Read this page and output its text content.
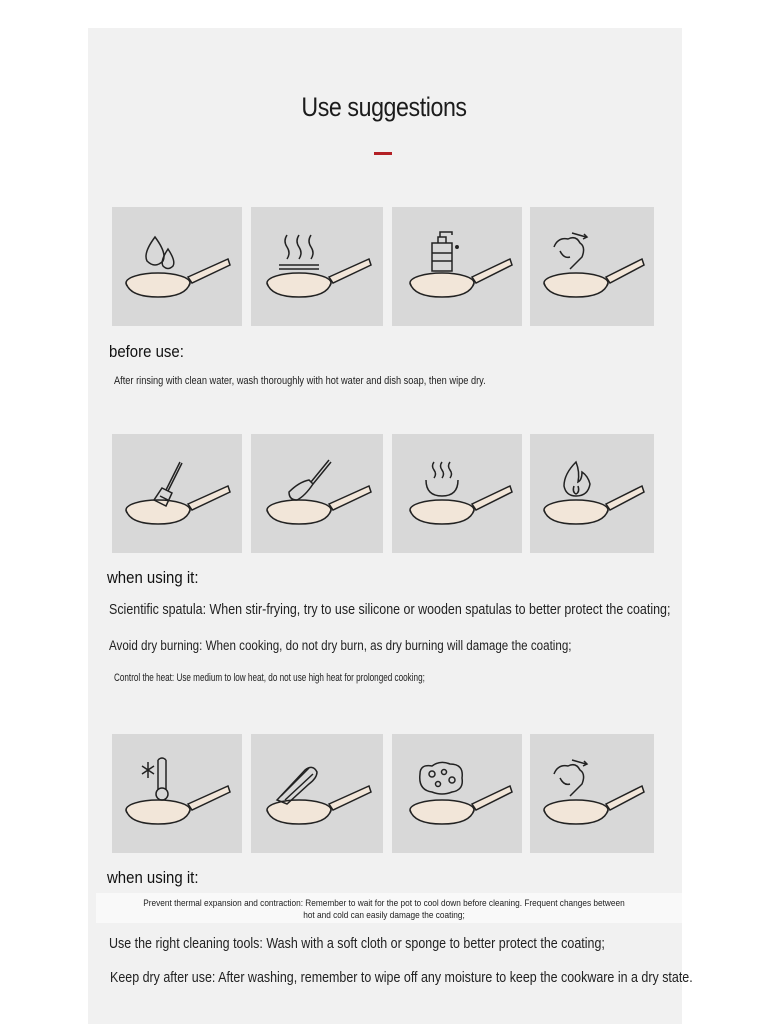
Use suggestions
before use:
After rinsing with clean water, wash thoroughly with hot water and dish soap, then wipe dry.
when using it:
Scientific spatula: When stir-frying, try to use silicone or wooden spatulas to better protect the coating;
Avoid dry burning: When cooking, do not dry burn, as dry burning will damage the coating;
Control the heat: Use medium to low heat, do not use high heat for prolonged cooking;
when using it:
Prevent thermal expansion and contraction: Remember to wait for the pot to cool down before cleaning. Frequent changes between hot and cold can easily damage the coating;
Use the right cleaning tools: Wash with a soft cloth or sponge to better protect the coating;
Keep dry after use: After washing, remember to wipe off any moisture to keep the cookware in a dry state.
